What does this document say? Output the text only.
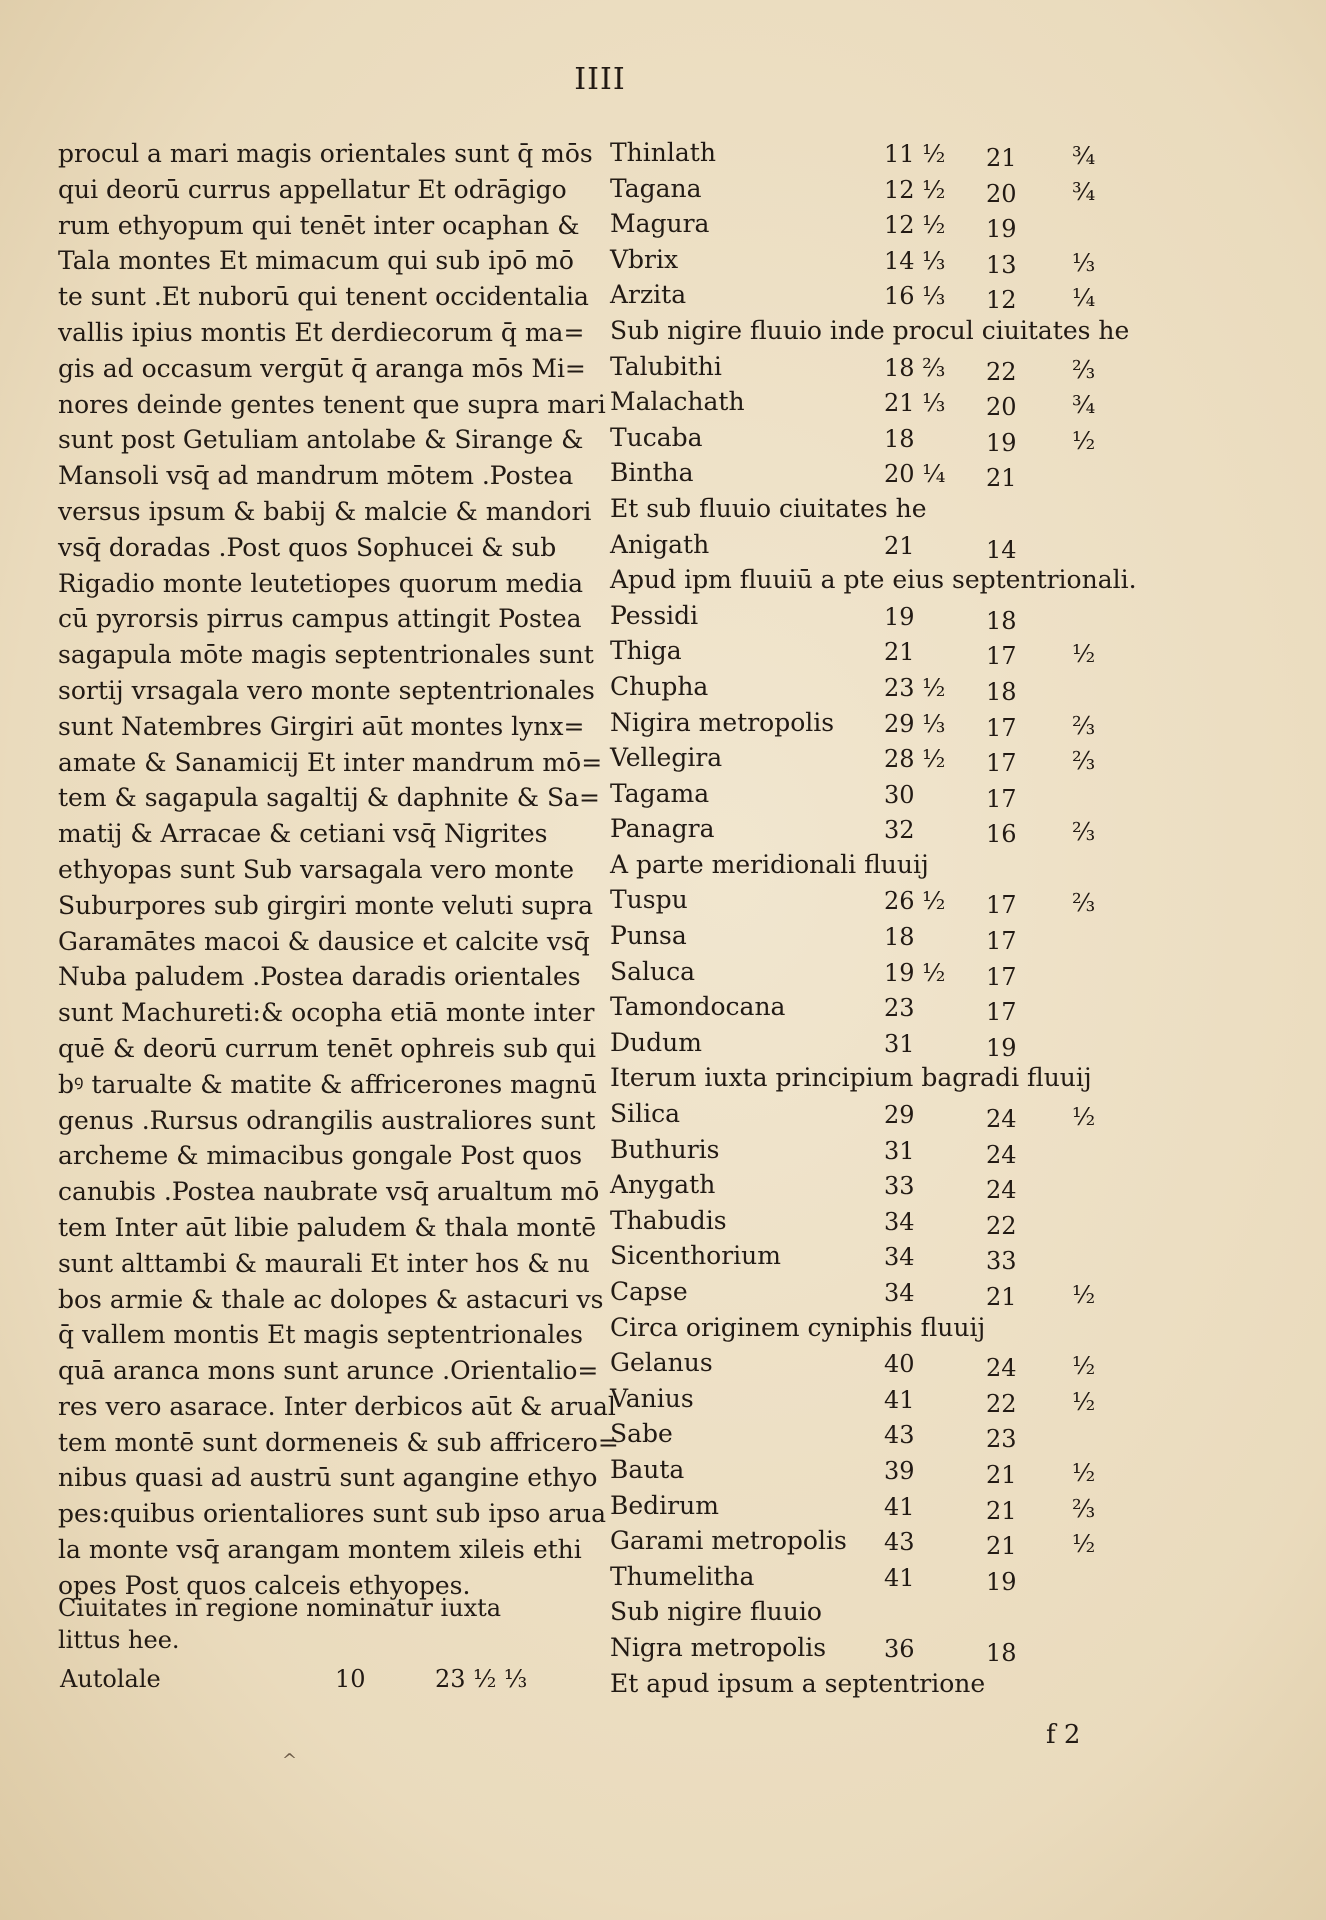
IIII
procul a mari magis orientales sunt q̄ mōs
qui deorū currus appellatur Et odrāgigo
rum ethyopum qui tenēt inter ocaphan &
Tala montes Et mimacum qui sub ipō mō
te sunt .Et nuborū qui tenent occidentalia
vallis ipius montis Et derdiecorum q̄ ma=
gis ad occasum vergūt q̄ aranga mōs Mi=
nores deinde gentes tenent que supra mari
sunt post Getuliam antolabe & Sirange &
Mansoli vsq̄ ad mandrum mōtem .Postea
versus ipsum & babij & malcie & mandori
vsq̄ doradas .Post quos Sophucei & sub
Rigadio monte leutetiopes quorum media
cū pyrorsis pirrus campus attingit Postea
sagapula mōte magis septentrionales sunt
sortij vrsagala vero monte septentrionales
sunt Natembres Girgiri aūt montes lynx=
amate & Sanamicij Et inter mandrum mō=
tem & sagapula sagaltij & daphnite & Sa=
matij & Arracae & cetiani vsq̄ Nigrites
ethyopas sunt Sub varsagala vero monte
Suburpores sub girgiri monte veluti supra
Garamātes macoi & dausice et calcite vsq̄
Nuba paludem .Postea daradis orientales
sunt Machureti:& ocopha etiā monte inter
quē & deorū currum tenēt ophreis sub qui
bꝰ tarualte & matite & affricerones magnū
genus .Rursus odrangilis australiores sunt
archeme & mimacibus gongale Post quos
canubis .Postea naubrate vsq̄ arualtum mō
tem Inter aūt libie paludem & thala montē
sunt alttambi & maurali Et inter hos & nu
bos armie & thale ac dolopes & astacuri vs
q̄ vallem montis Et magis septentrionales
quā aranca mons sunt arunce .Orientalio=
res vero asarace. Inter derbicos aūt & arual
tem montē sunt dormeneis & sub affricero=
nibus quasi ad austrū sunt agangine ethyo
pes:quibus orientaliores sunt sub ipso arua
la monte vsq̄ arangam montem xileis ethi
opes Post quos calceis ethyopes.
Ciuitates in regione nominatur iuxta littus hee.
Autolale	10	23 ½ ⅓
Thinlath	11 ½	21	¾
Tagana	12 ½	20	¾
Magura	12 ½	19
Vbrix	14 ⅓	13	⅓
Arzita	16 ⅓	12	¼
Sub nigire fluuio inde procul ciuitates he
Talubithi	18 ⅔	22	⅔
Malachath	21 ⅓	20	¾
Tucaba	18	19	½
Bintha	20 ¼	21
Et sub fluuio ciuitates he
Anigath	21	14
Apud ipm fluuiū a pte eius septentrionali.
Pessidi	19	18
Thiga	21	17	½
Chupha	23 ½	18
Nigira metropolis 29 ⅓	17	⅔
Vellegira	28 ½	17	⅔
Tagama	30	17
Panagra	32	16	⅔
A parte meridionali fluuij
Tuspu	26 ½	17	⅔
Punsa	18	17
Saluca	19 ½	17
Tamondocana	23	17
Dudum	31	19
Iterum iuxta principium bagradi fluuij
Silica	29	24	½
Buthuris	31	24
Anygath	33	24
Thabudis	34	22
Sicenthorium	34	33
Capse	34	21	½
Circa originem cyniphis fluuij
Gelanus	40	24	½
Vanius	41	22	½
Sabe	43	23
Bauta	39	21	½
Bedirum	41	21	⅔
Garami metropolis 43	21	½
Thumelitha	41	19
Sub nigire fluuio
Nigra metropolis 36	18
Et apud ipsum a septentrione
f 2
^
